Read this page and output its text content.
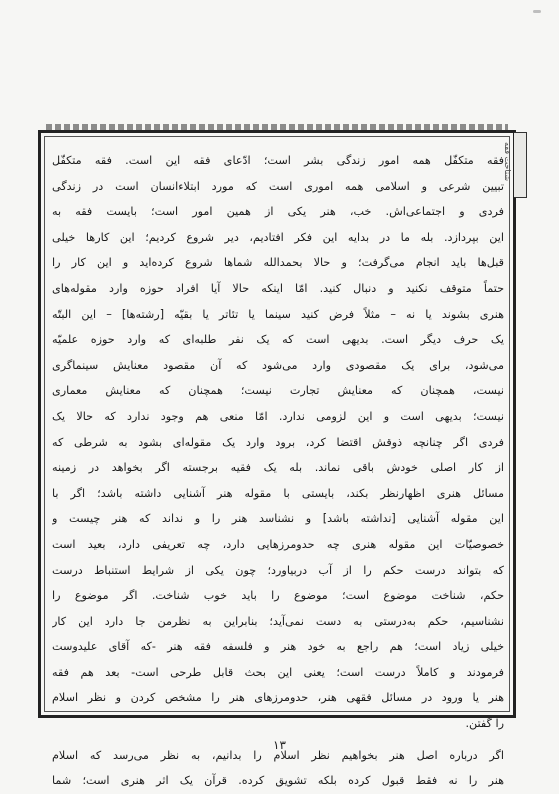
شناخت فقه
فقه متکفّل همه امور زندگی بشر است؛ ادّعای فقه این است. فقه متکفّل
تبیین شرعی و اسلامی همه اموری است که مورد ابتلاءانسان است در زندگی
فردی و اجتماعی‌اش. خب، هنر یکی از همین امور است؛ بایست فقه به
این بپردازد. بله ما در بدایه این فکر افتادیم، دیر شروع کردیم؛ این کارها خیلی
قبل‌ها باید انجام می‌گرفت؛ و حالا بحمدالله شماها شروع کرده‌اید و این کار را
حتماً متوقف نکنید و دنبال کنید. امّا اینکه حالا آیا افراد حوزه وارد مقوله‌های
هنری بشوند یا نه – مثلاً فرض کنید سینما یا تئاتر یا بقیّه [رشته‌ها] – این البتّه
یک حرف دیگر است. بدیهی است که یک نفر طلبه‌ای که وارد حوزه علمیّه
می‌شود، برای یک مقصودی وارد می‌شود که آن مقصود معنایش سینماگری
نیست، همچنان که معنایش تجارت نیست؛ همچنان که معنایش معماری
نیست؛ بدیهی است و این لزومی ندارد. امّا منعی هم وجود ندارد که حالا یک
فردی اگر چنانچه ذوقش اقتضا کرد، برود وارد یک مقوله‌ای بشود به شرطی که
از کار اصلی خودش باقی نماند. بله یک فقیه برجسته اگر بخواهد در زمینه
مسائل هنری اظهارنظر بکند، بایستی با مقوله هنر آشنایی داشته باشد؛ اگر با
این مقوله آشنایی [نداشته باشد] و نشناسد هنر را و نداند که هنر چیست و
خصوصیّات این مقوله هنری چه حدومرزهایی دارد، چه تعریفی دارد، بعید است
که بتواند درست حکم را از آب دربیاورد؛ چون یکی از شرایط استنباط درست
حکم، شناخت موضوع است؛ موضوع را باید خوب شناخت. اگر موضوع را
نشناسیم، حکم به‌درستی به دست نمی‌آید؛ بنابراین به نظرمن جا دارد این کار
خیلی زیاد است؛ هم راجع به خود هنر و فلسفه فقه هنر -که آقای علیدوست
فرمودند و کاملاً درست است؛ یعنی این بحث قابل طرحی است- بعد هم فقه
هنر یا ورود در مسائل فقهی هنر، حدومرزهای هنر را مشخص کردن و نظر اسلام
را گفتن.
اگر درباره اصل هنر بخواهیم نظر اسلام را بدانیم، به نظر می‌رسد که اسلام
هنر را نه فقط قبول کرده بلکه تشویق کرده. قرآن یک اثر هنری است؛ شما
۱۳
